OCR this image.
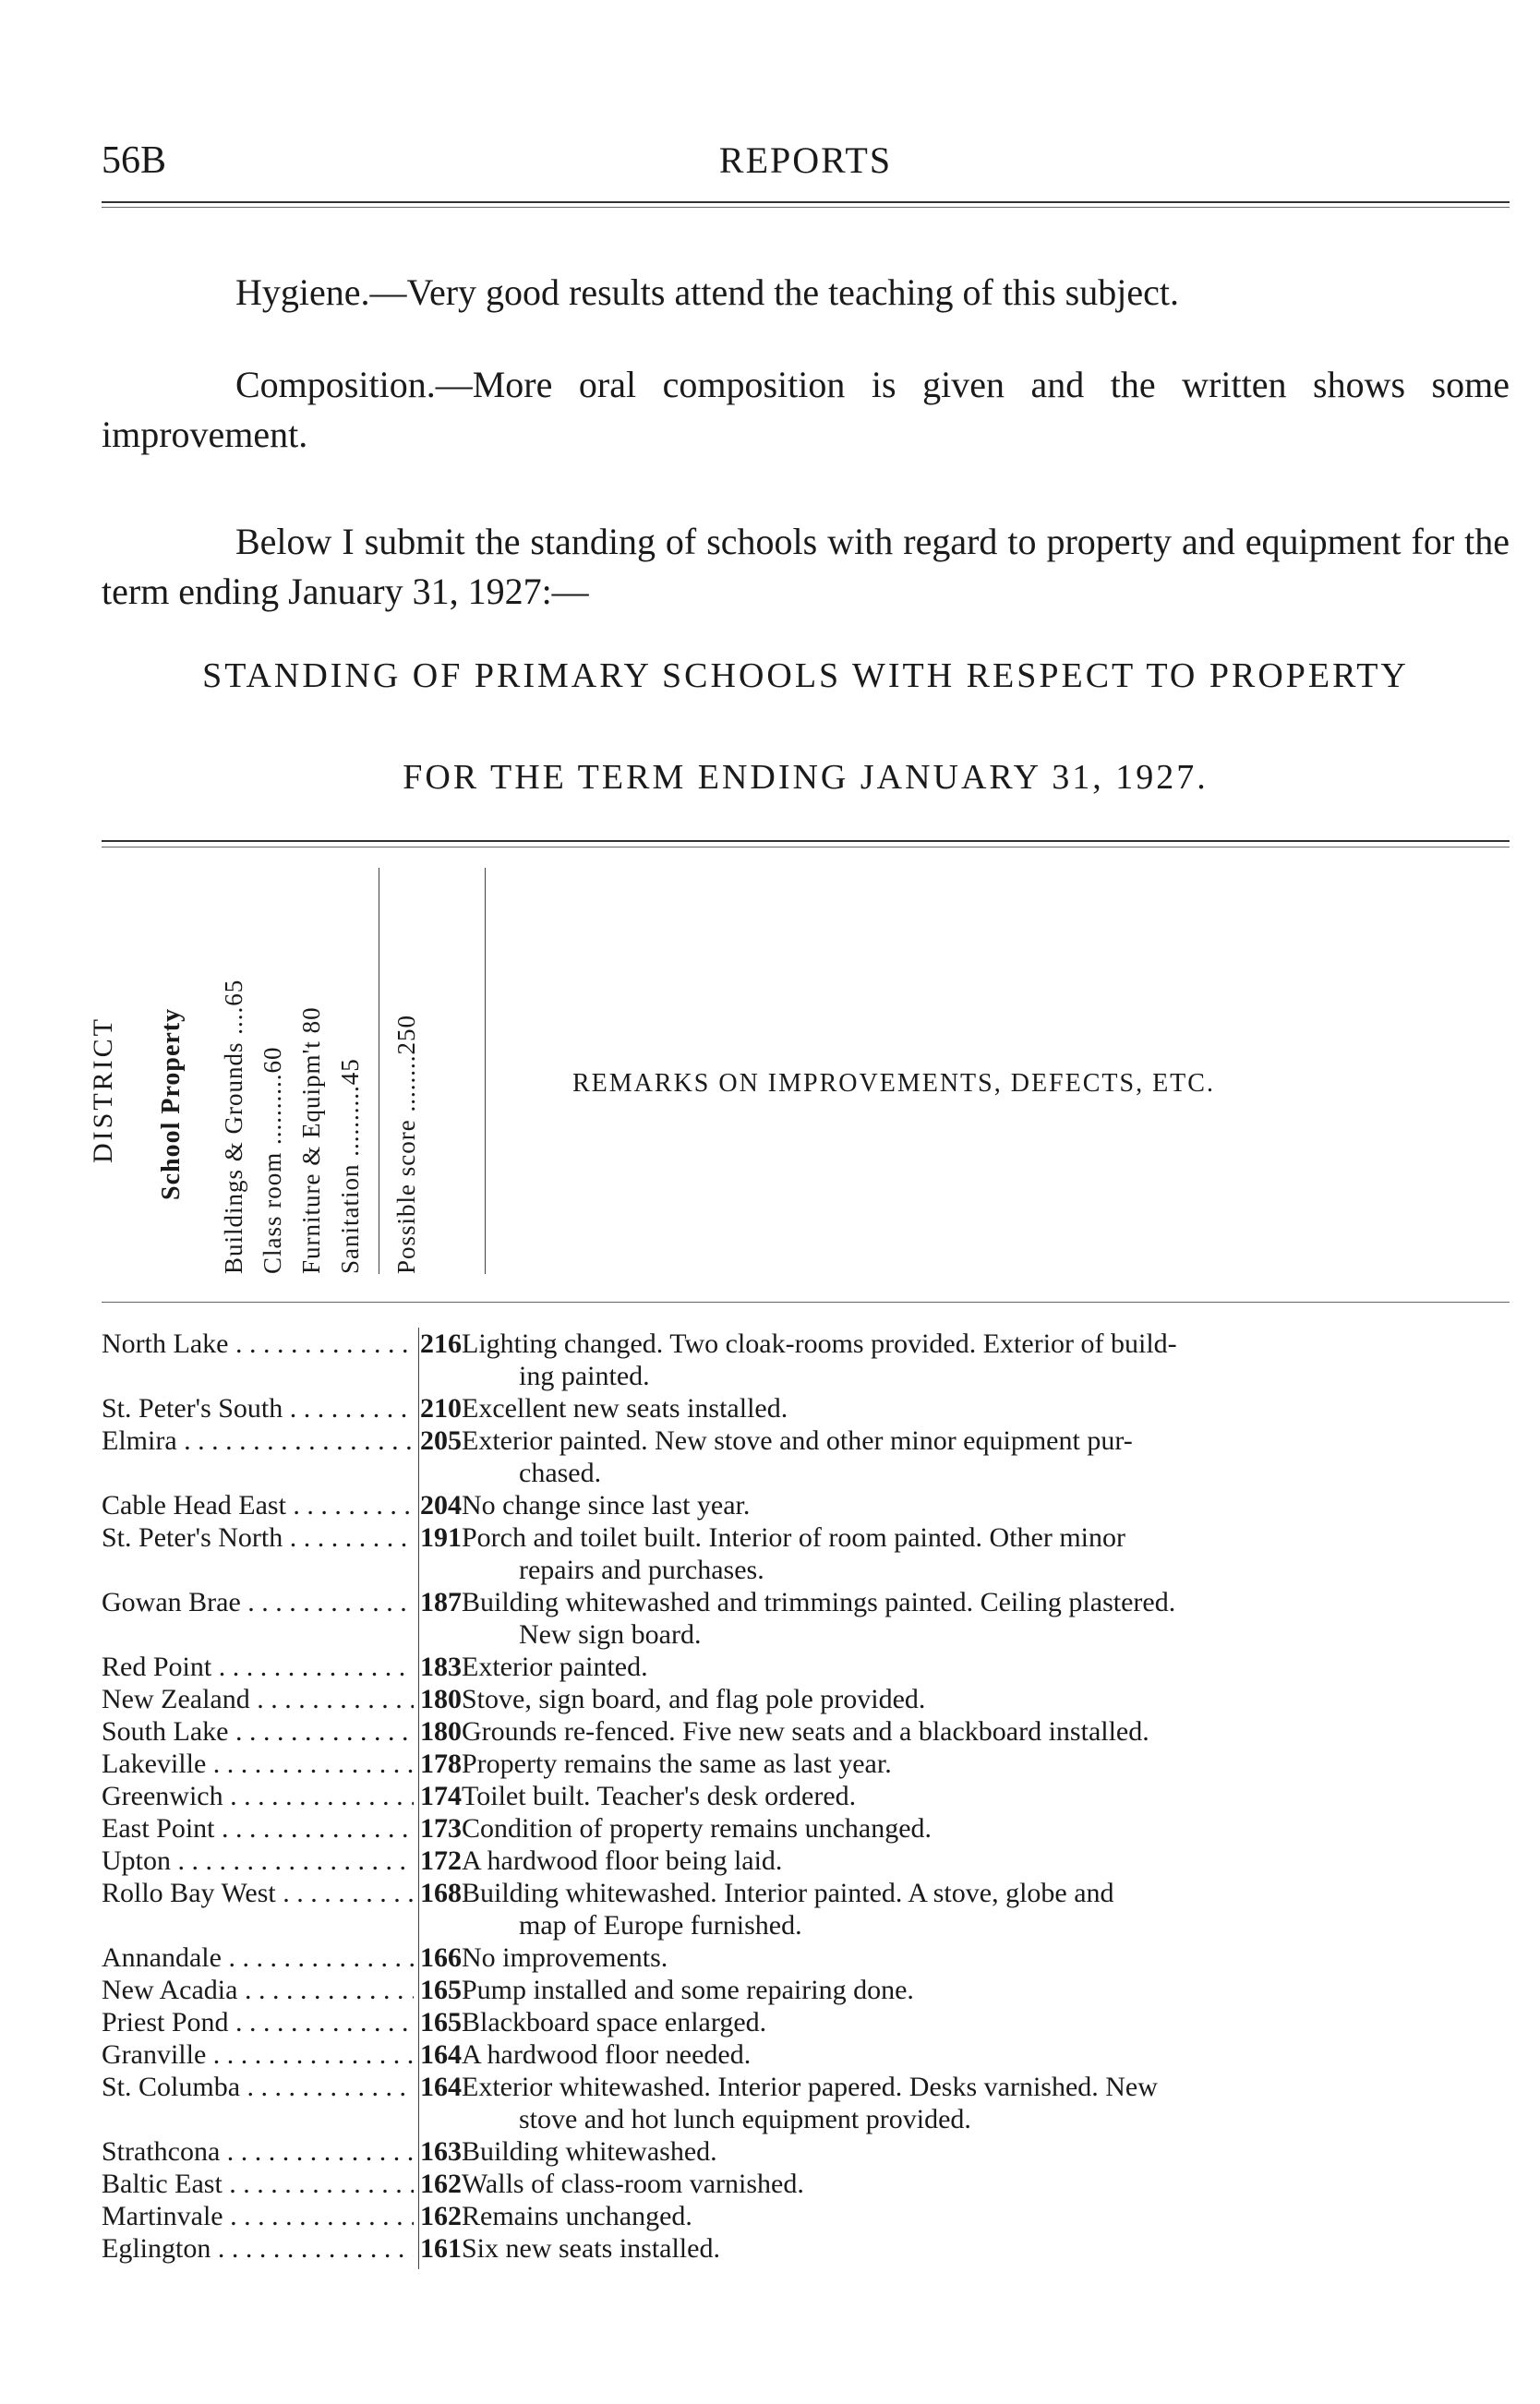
56B	REPORTS
Hygiene.—Very good results attend the teaching of this subject.
Composition.—More oral composition is given and the written shows some improvement.
Below I submit the standing of schools with regard to property and equipment for the term ending January 31, 1927:—
STANDING OF PRIMARY SCHOOLS WITH RESPECT TO PROPERTY
FOR THE TERM ENDING JANUARY 31, 1927.
DISTRICT School Property Buildings & Grounds ....65 Class room ..........60 Furniture & Equipm't 80 Sanitation ..........45 Possible score ........250	REMARKS ON IMPROVEMENTS, DEFECTS, ETC.
North Lake . . .	216 Lighting changed. Two cloak-rooms provided. Exterior of build-
ing painted.
St. Peter's South . . .	210 Excellent new seats installed.
Elmira . . .	205 Exterior painted. New stove and other minor equipment pur-
chased.
Cable Head East . . .	204 No change since last year.
St. Peter's North . . .	191 Porch and toilet built. Interior of room painted. Other minor
repairs and purchases.
Gowan Brae . . .	187 Building whitewashed and trimmings painted. Ceiling plastered.
New sign board.
Red Point . . .	183 Exterior painted.
New Zealand . . .	180 Stove, sign board, and flag pole provided.
South Lake . . .	180 Grounds re-fenced. Five new seats and a blackboard installed.
Lakeville . . .	178 Property remains the same as last year.
Greenwich . . .	174 Toilet built. Teacher's desk ordered.
East Point . . .	173 Condition of property remains unchanged.
Upton . . .	172 A hardwood floor being laid.
Rollo Bay West . . .	168 Building whitewashed. Interior painted. A stove, globe and
map of Europe furnished.
Annandale . . .	166 No improvements.
New Acadia . . .	165 Pump installed and some repairing done.
Priest Pond . . .	165 Blackboard space enlarged.
Granville . . .	164 A hardwood floor needed.
St. Columba . . .	164 Exterior whitewashed. Interior papered. Desks varnished. New
stove and hot lunch equipment provided.
Strathcona . . .	163 Building whitewashed.
Baltic East . . .	162 Walls of class-room varnished.
Martinvale . . .	162 Remains unchanged.
Eglington . . .	161 Six new seats installed.
